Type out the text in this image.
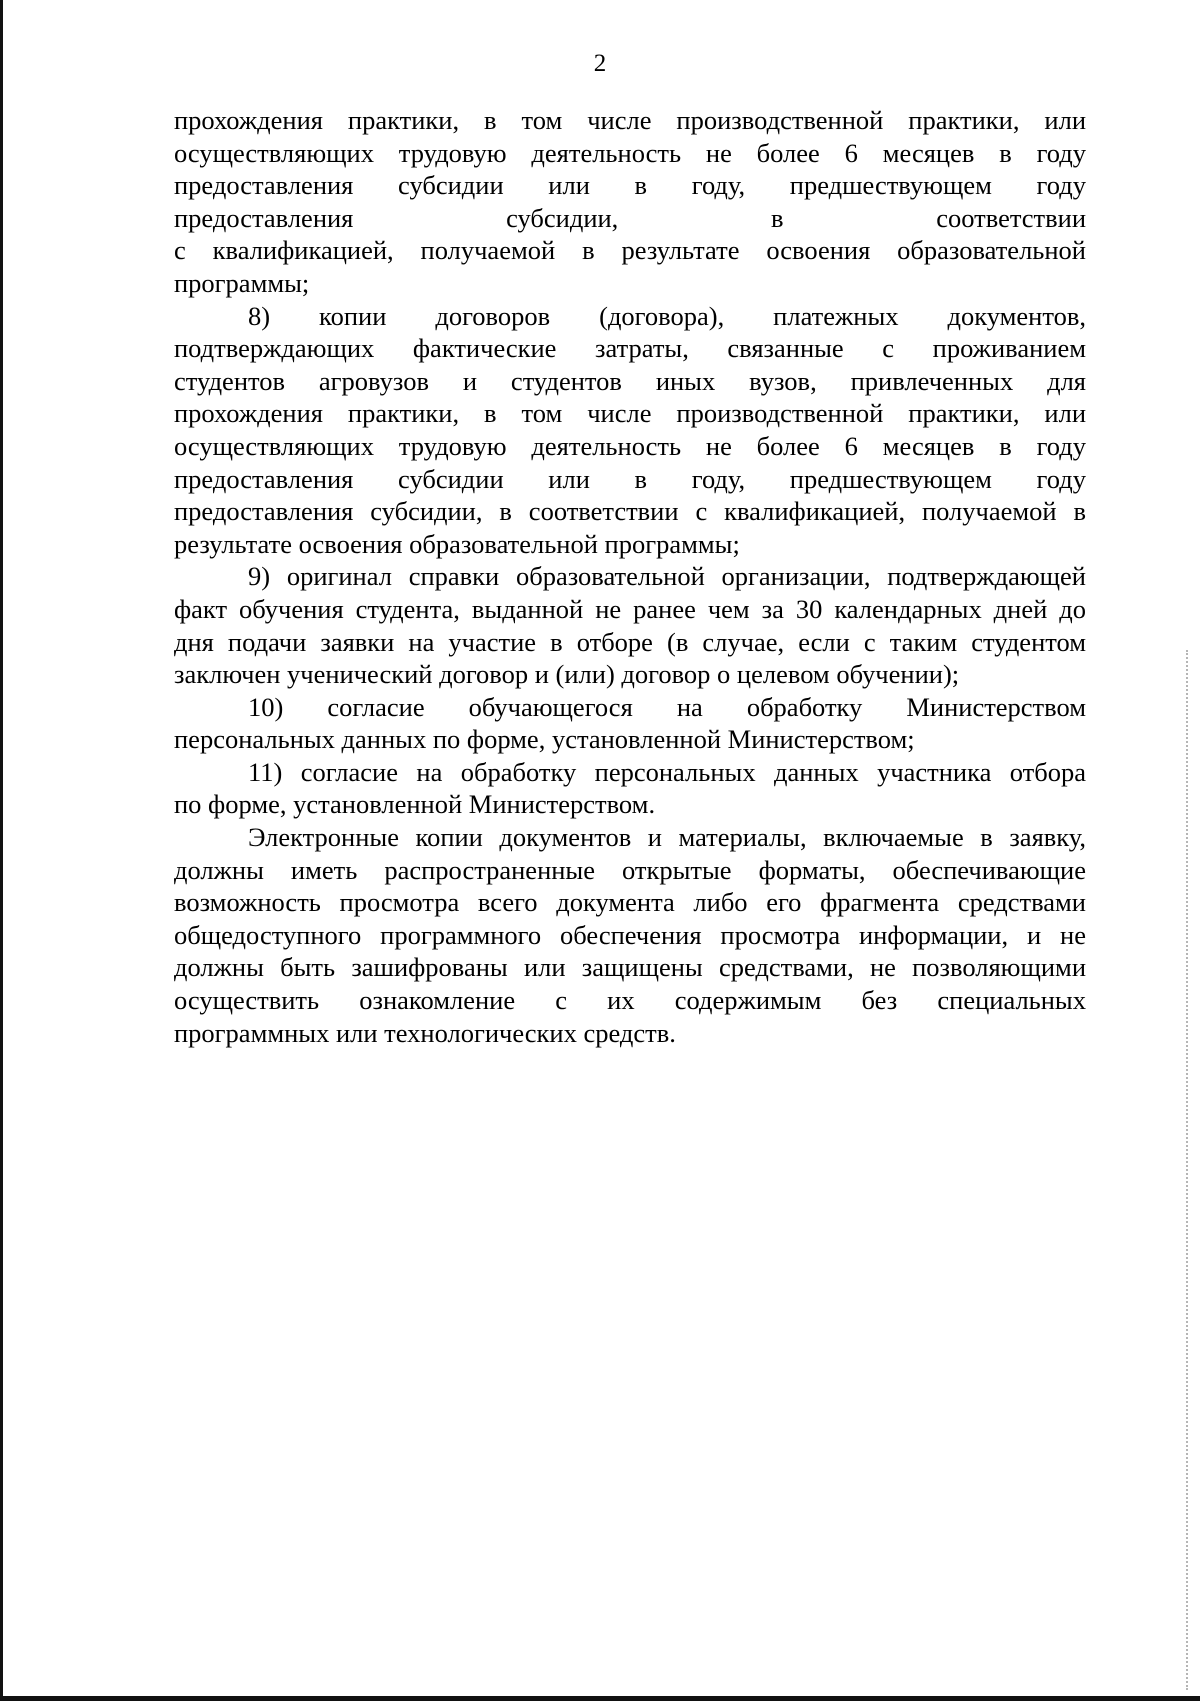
2
прохождения практики, в том числе производственной практики, или
осуществляющих трудовую деятельность не более 6 месяцев в году
предоставления субсидии или в году, предшествующем году
предоставления субсидии, в соответствии
с квалификацией, получаемой в результате освоения образовательной
программы;
8) копии договоров (договора), платежных документов,
подтверждающих фактические затраты, связанные с проживанием
студентов агровузов и студентов иных вузов, привлеченных для
прохождения практики, в том числе производственной практики, или
осуществляющих трудовую деятельность не более 6 месяцев в году
предоставления субсидии или в году, предшествующем году
предоставления субсидии, в соответствии с квалификацией, получаемой в
результате освоения образовательной программы;
9) оригинал справки образовательной организации, подтверждающей
факт обучения студента, выданной не ранее чем за 30 календарных дней до
дня подачи заявки на участие в отборе (в случае, если с таким студентом
заключен ученический договор и (или) договор о целевом обучении);
10) согласие обучающегося на обработку Министерством
персональных данных по форме, установленной Министерством;
11) согласие на обработку персональных данных участника отбора
по форме, установленной Министерством.
Электронные копии документов и материалы, включаемые в заявку,
должны иметь распространенные открытые форматы, обеспечивающие
возможность просмотра всего документа либо его фрагмента средствами
общедоступного программного обеспечения просмотра информации, и не
должны быть зашифрованы или защищены средствами, не позволяющими
осуществить ознакомление с их содержимым без специальных
программных или технологических средств.
